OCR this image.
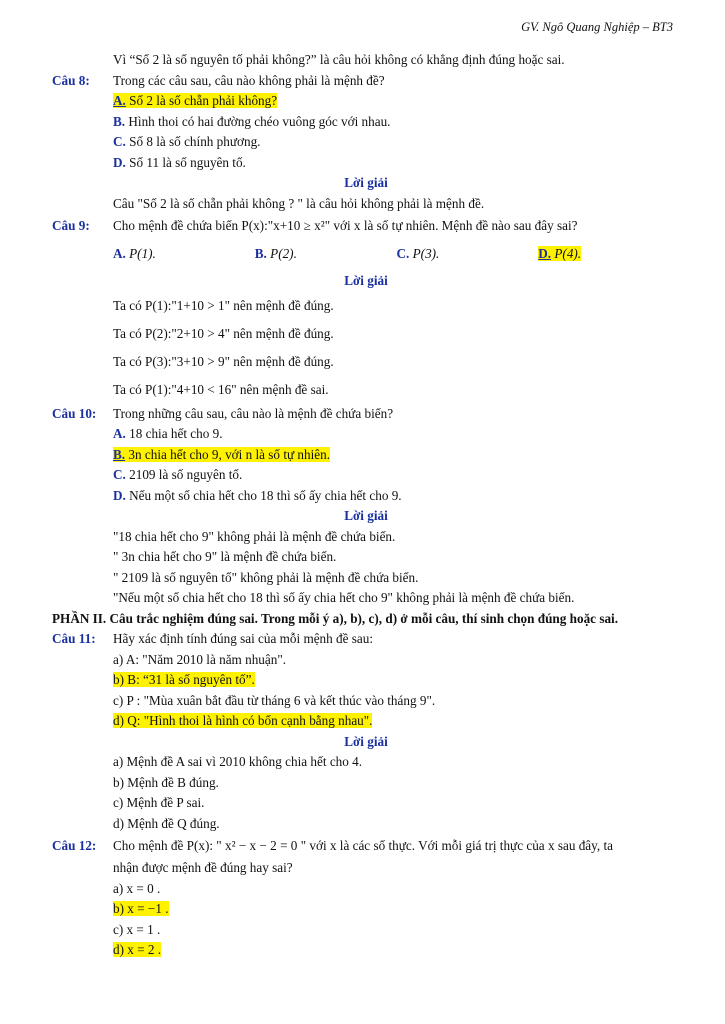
GV. Ngô Quang Nghiệp – BT3
Vì “Số 2 là số nguyên tố phải không?” là câu hỏi không có khẳng định đúng hoặc sai.
Câu 8: Trong các câu sau, câu nào không phải là mệnh đề?
A. Số 2 là số chẵn phải không?
B. Hình thoi có hai đường chéo vuông góc với nhau.
C. Số 8 là số chính phương.
D. Số 11 là số nguyên tố.
Lời giải
Câu "Số 2 là số chẵn phải không ? " là câu hỏi không phải là mệnh đề.
Câu 9: Cho mệnh đề chứa biến P(x):"x+10 ≥ x²" với x là số tự nhiên. Mệnh đề nào sau đây sai?
A. P(1).	B. P(2).	C. P(3).	D. P(4).
Lời giải
Ta có P(1):"1+10 > 1" nên mệnh đề đúng.
Ta có P(2):"2+10 > 4" nên mệnh đề đúng.
Ta có P(3):"3+10 > 9" nên mệnh đề đúng.
Ta có P(1):"4+10 < 16" nên mệnh đề sai.
Câu 10: Trong những câu sau, câu nào là mệnh đề chứa biến?
A. 18 chia hết cho 9.
B. 3n chia hết cho 9, với n là số tự nhiên.
C. 2109 là số nguyên tố.
D. Nếu một số chia hết cho 18 thì số ấy chia hết cho 9.
Lời giải
"18 chia hết cho 9" không phải là mệnh đề chứa biến.
" 3n chia hết cho 9" là mệnh đề chứa biến.
" 2109 là số nguyên tố" không phải là mệnh đề chứa biến.
"Nếu một số chia hết cho 18 thì số ấy chia hết cho 9" không phải là mệnh đề chứa biến.
PHẦN II. Câu trắc nghiệm đúng sai. Trong mỗi ý a), b), c), d) ở mỗi câu, thí sinh chọn đúng hoặc sai.
Câu 11: Hãy xác định tính đúng sai của mỗi mệnh đề sau:
a) A: "Năm 2010 là năm nhuận".
b) B: “31 là số nguyên tố”.
c) P : "Mùa xuân bắt đầu từ tháng 6 và kết thúc vào tháng 9".
d) Q: "Hình thoi là hình có bốn cạnh bằng nhau".
Lời giải
a) Mệnh đề A sai vì 2010 không chia hết cho 4.
b) Mệnh đề B đúng.
c) Mệnh đề P sai.
d) Mệnh đề Q đúng.
Câu 12: Cho mệnh đề P(x): " x² − x − 2 = 0 " với x là các số thực. Với mỗi giá trị thực của x sau đây, ta
nhận được mệnh đề đúng hay sai?
a) x = 0 .
b) x = −1 .
c) x = 1 .
d) x = 2 .
